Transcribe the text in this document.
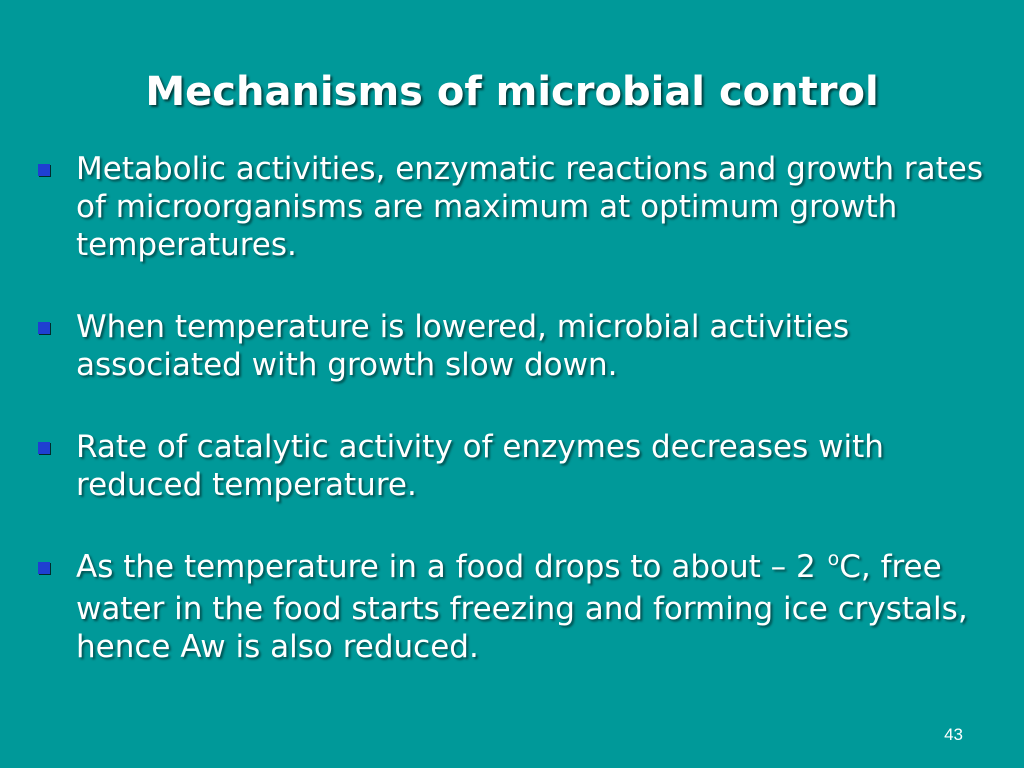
Mechanisms of microbial control
Metabolic activities, enzymatic reactions and growth rates of microorganisms are maximum at optimum growth temperatures.
When temperature is lowered, microbial activities associated with growth slow down.
Rate of catalytic activity of enzymes decreases with reduced temperature.
As the temperature in a food drops to about – 2 $^o$C, free water in the food starts freezing and forming ice crystals, hence Aw is also reduced.
43
